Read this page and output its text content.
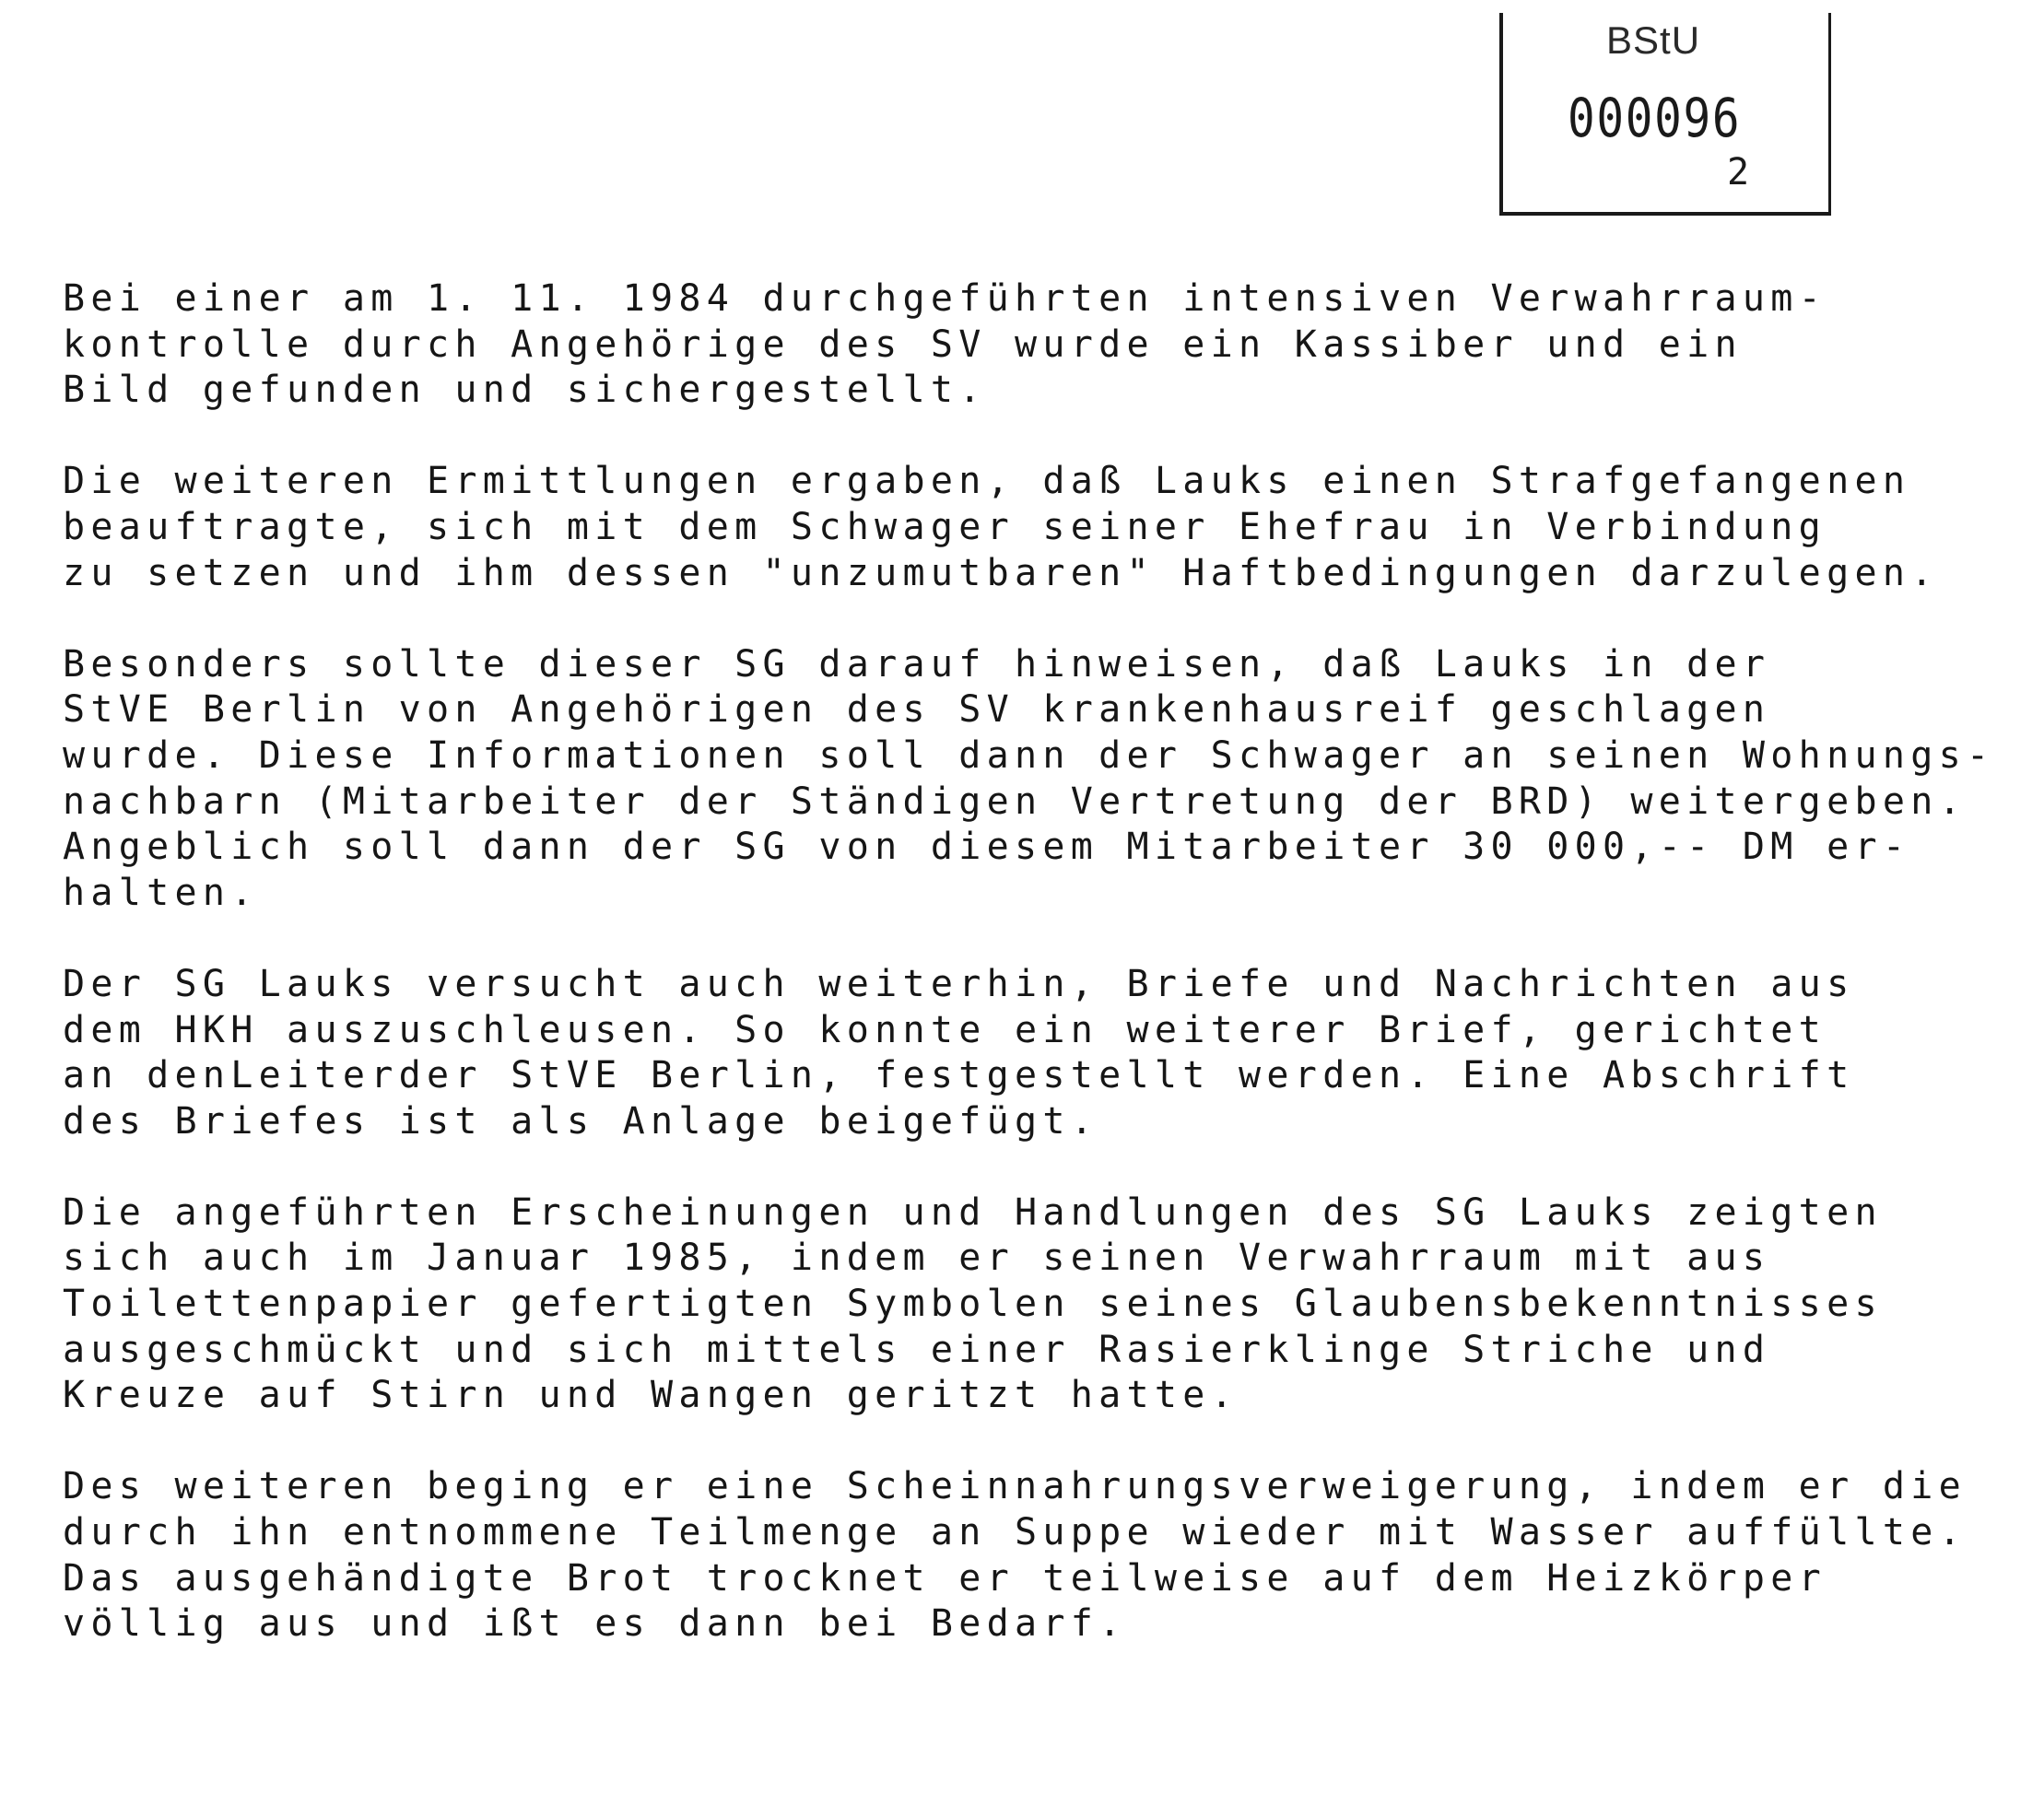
BStU
000096
2
Bei einer am 1. 11. 1984 durchgeführten intensiven Verwahrraum-
kontrolle durch Angehörige des SV wurde ein Kassiber und ein
Bild gefunden und sichergestellt.
Die weiteren Ermittlungen ergaben, daß Lauks einen Strafgefangenen
beauftragte, sich mit dem Schwager seiner Ehefrau in Verbindung
zu setzen und ihm dessen "unzumutbaren" Haftbedingungen darzulegen.
Besonders sollte dieser SG darauf hinweisen, daß Lauks in der
StVE Berlin von Angehörigen des SV krankenhausreif geschlagen
wurde. Diese Informationen soll dann der Schwager an seinen Wohnungs-
nachbarn (Mitarbeiter der Ständigen Vertretung der BRD) weitergeben.
Angeblich soll dann der SG von diesem Mitarbeiter 30 000,-- DM er-
halten.
Der SG Lauks versucht auch weiterhin, Briefe und Nachrichten aus
dem HKH auszuschleusen. So konnte ein weiterer Brief, gerichtet
an denLeiterder StVE Berlin, festgestellt werden. Eine Abschrift
des Briefes ist als Anlage beigefügt.
Die angeführten Erscheinungen und Handlungen des SG Lauks zeigten
sich auch im Januar 1985, indem er seinen Verwahrraum mit aus
Toilettenpapier gefertigten Symbolen seines Glaubensbekenntnisses
ausgeschmückt und sich mittels einer Rasierklinge Striche und
Kreuze auf Stirn und Wangen geritzt hatte.
Des weiteren beging er eine Scheinnahrungsverweigerung, indem er die
durch ihn entnommene Teilmenge an Suppe wieder mit Wasser auffüllte.
Das ausgehändigte Brot trocknet er teilweise auf dem Heizkörper
völlig aus und ißt es dann bei Bedarf.
